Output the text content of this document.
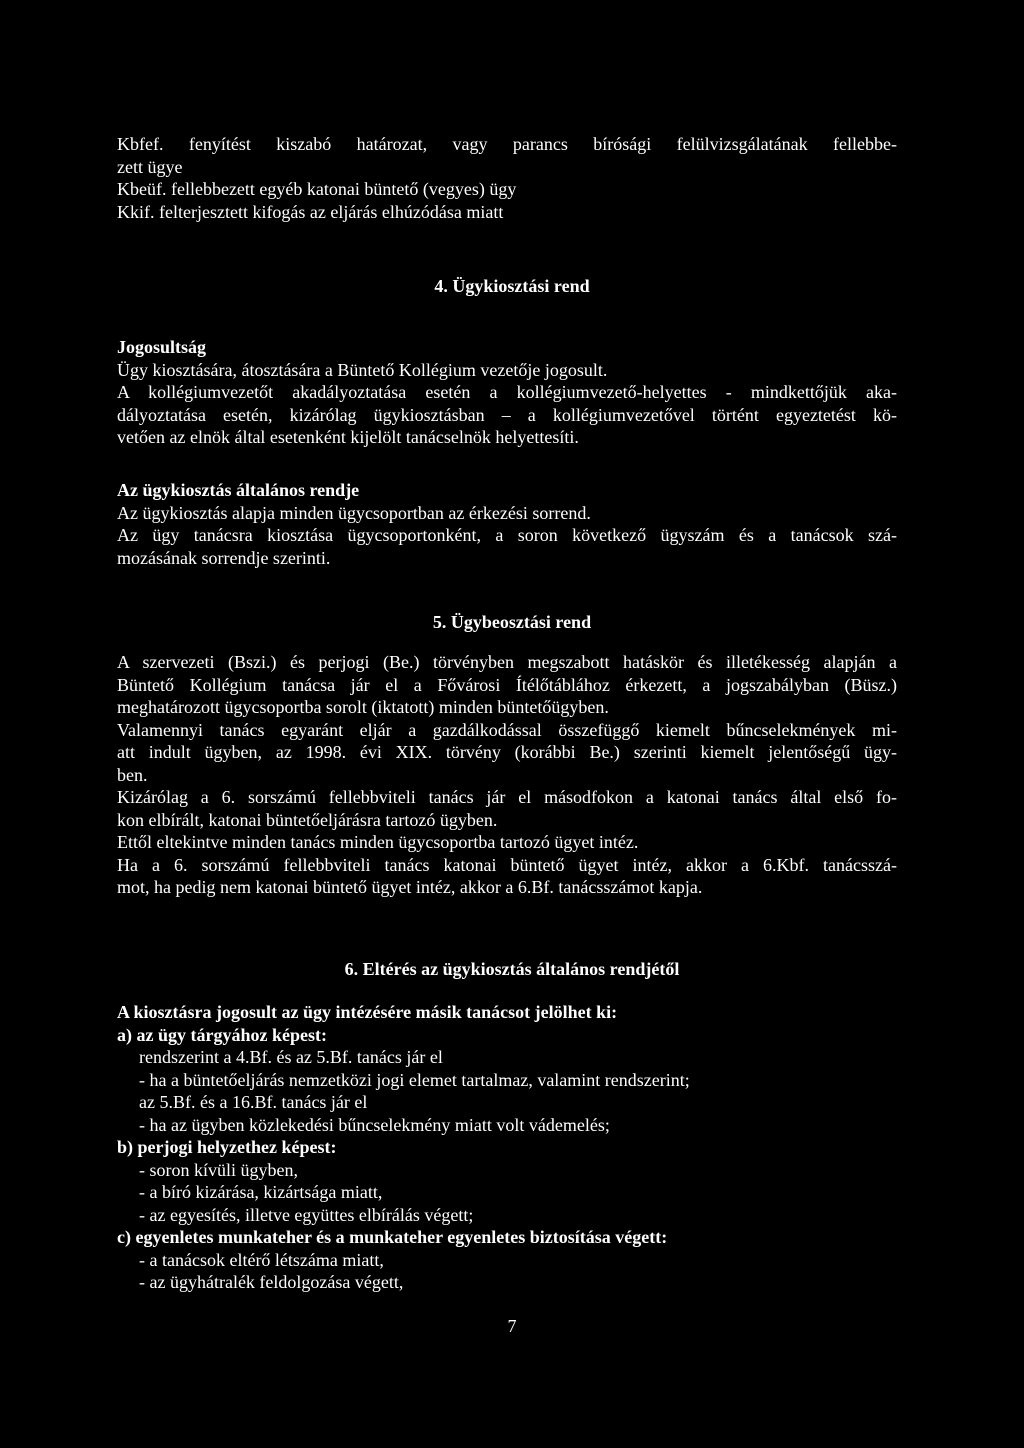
Kbfef. fenyítést kiszabó határozat, vagy parancs bírósági felülvizsgálatának fellebbe-
zett ügye
Kbeüf. fellebbezett egyéb katonai büntető (vegyes) ügy
Kkif. felterjesztett kifogás az eljárás elhúzódása miatt
4. Ügykiosztási rend
Jogosultság
Ügy kiosztására, átosztására a Büntető Kollégium vezetője jogosult.
A kollégiumvezetőt akadályoztatása esetén a kollégiumvezető-helyettes - mindkettőjük aka-
dályoztatása esetén, kizárólag ügykiosztásban – a kollégiumvezetővel történt egyeztetést kö-
vetően az elnök által esetenként kijelölt tanácselnök helyettesíti.
Az ügykiosztás általános rendje
Az ügykiosztás alapja minden ügycsoportban az érkezési sorrend.
Az ügy tanácsra kiosztása ügycsoportonként, a soron következő ügyszám és a tanácsok szá-
mozásának sorrendje szerinti.
5. Ügybeosztási rend
A szervezeti (Bszi.) és perjogi (Be.) törvényben megszabott hatáskör és illetékesség alapján a
Büntető Kollégium tanácsa jár el a Fővárosi Ítélőtáblához érkezett, a jogszabályban (Büsz.)
meghatározott ügycsoportba sorolt (iktatott) minden büntetőügyben.
Valamennyi tanács egyaránt eljár a gazdálkodással összefüggő kiemelt bűncselekmények mi-
att indult ügyben, az 1998. évi XIX. törvény (korábbi Be.) szerinti kiemelt jelentőségű ügy-
ben.
Kizárólag a 6. sorszámú fellebbviteli tanács jár el másodfokon a katonai tanács által első fo-
kon elbírált, katonai büntetőeljárásra tartozó ügyben.
Ettől eltekintve minden tanács minden ügycsoportba tartozó ügyet intéz.
Ha a 6. sorszámú fellebbviteli tanács katonai büntető ügyet intéz, akkor a 6.Kbf. tanácsszá-
mot, ha pedig nem katonai büntető ügyet intéz, akkor a 6.Bf. tanácsszámot kapja.
6. Eltérés az ügykiosztás általános rendjétől
A kiosztásra jogosult az ügy intézésére másik tanácsot jelölhet ki:
a) az ügy tárgyához képest:
rendszerint a 4.Bf. és az 5.Bf. tanács jár el
- ha a büntetőeljárás nemzetközi jogi elemet tartalmaz, valamint rendszerint;
az 5.Bf. és a 16.Bf. tanács jár el
- ha az ügyben közlekedési bűncselekmény miatt volt vádemelés;
b) perjogi helyzethez képest:
- soron kívüli ügyben,
- a bíró kizárása, kizártsága miatt,
- az egyesítés, illetve együttes elbírálás végett;
c) egyenletes munkateher és a munkateher egyenletes biztosítása végett:
- a tanácsok eltérő létszáma miatt,
- az ügyhátralék feldolgozása végett,
7
